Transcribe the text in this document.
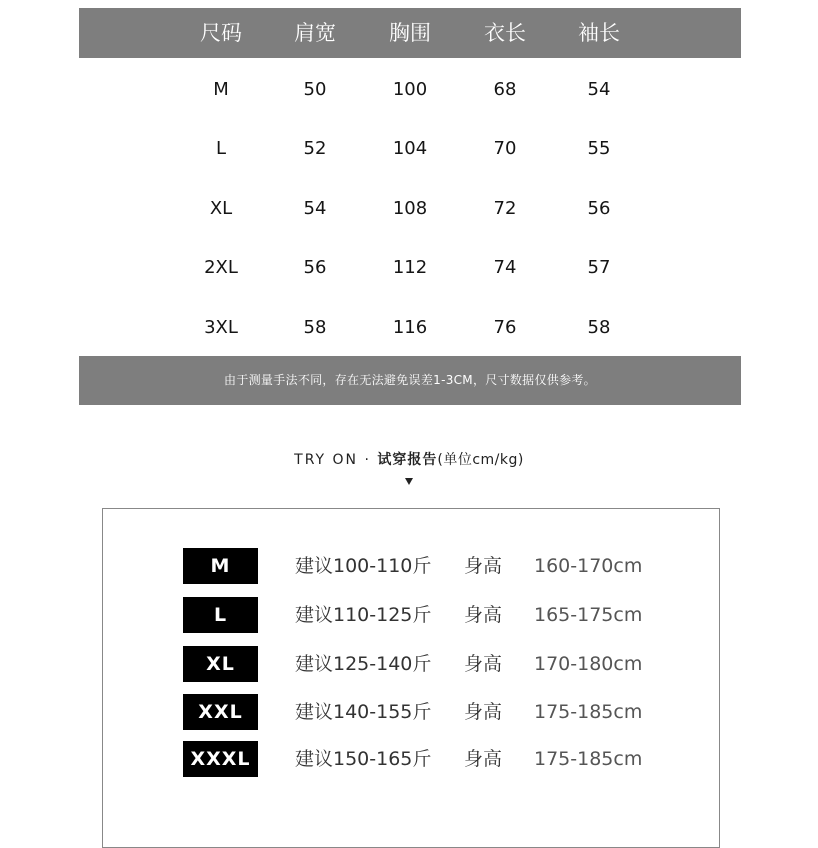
尺码	肩宽	胸围	衣长	袖长
M	50	100	68	54
L	52	104	70	55
XL	54	108	72	56
2XL	56	112	74	57
3XL	58	116	76	58
由于测量手法不同，存在无法避免误差1-3CM，尺寸数据仅供参考。
TRY ON · 试穿报告(单位cm/kg)
M	建议100-110斤 身高 160-170cm
L	建议110-125斤 身高 165-175cm
XL	建议125-140斤 身高 170-180cm
XXL	建议140-155斤 身高 175-185cm
XXXL	建议150-165斤 身高 175-185cm
